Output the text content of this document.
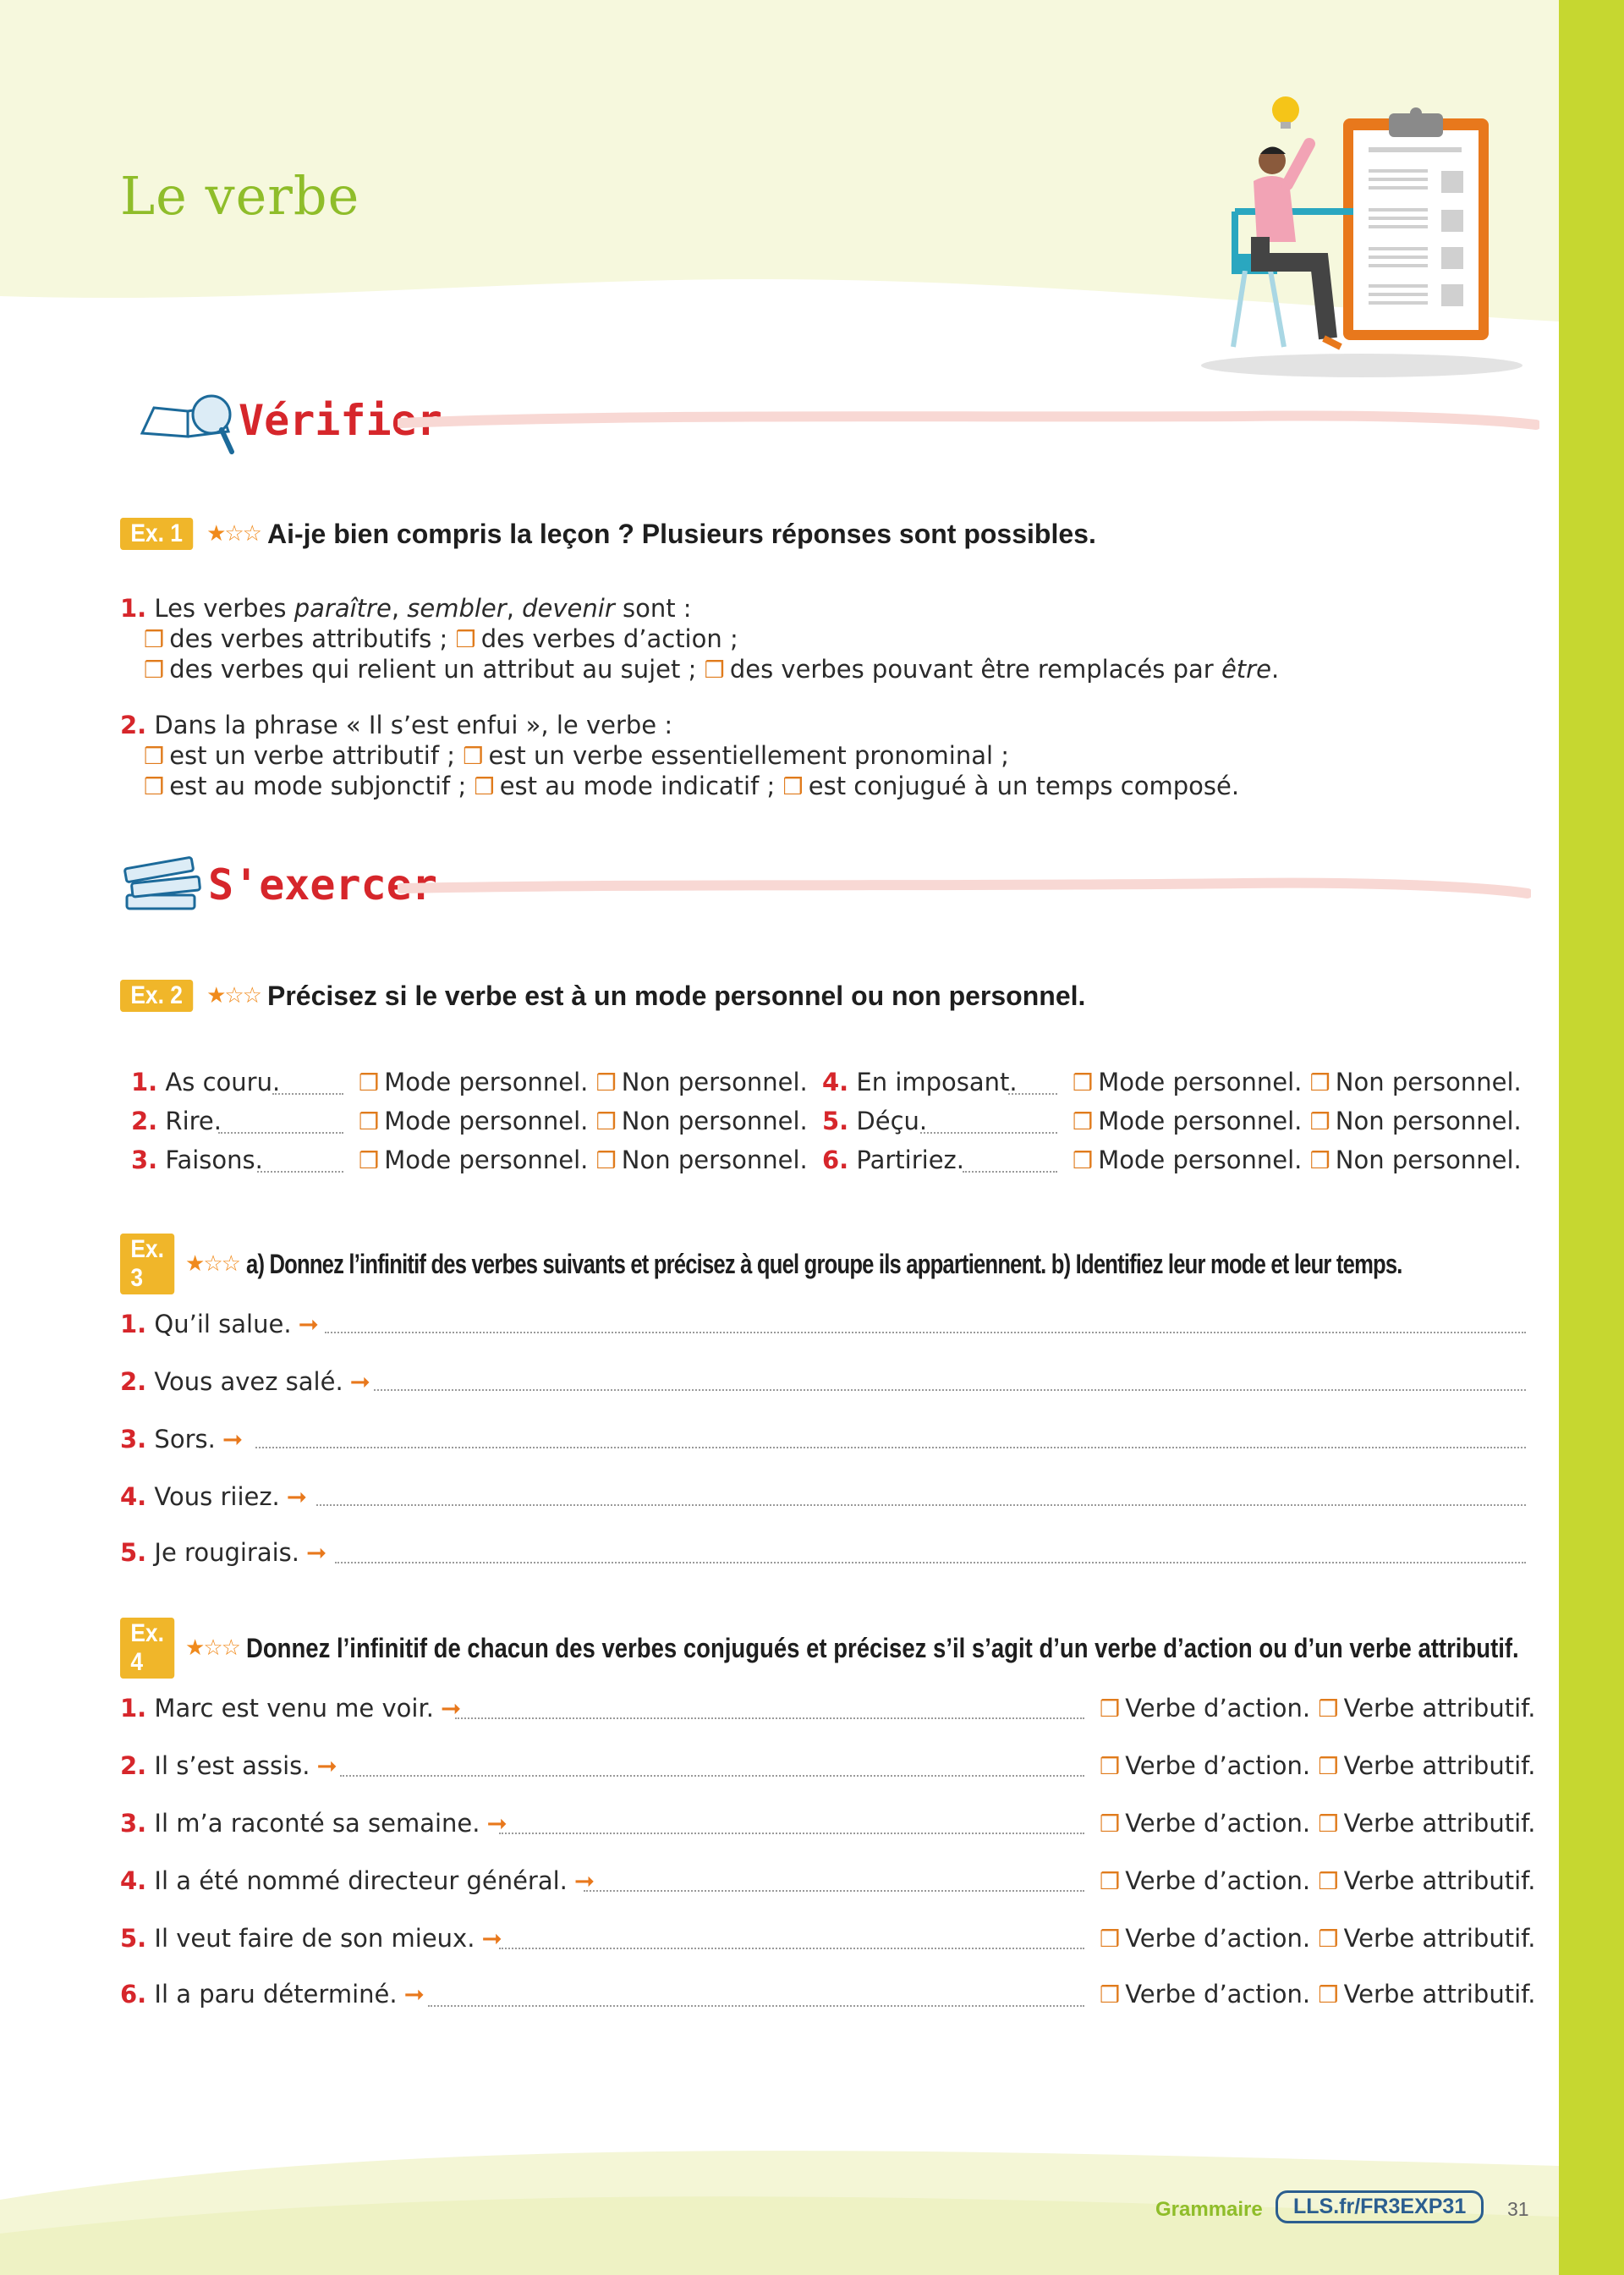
Le verbe
Vérifier
Ex. 1	★☆☆ Ai-je bien compris la leçon ? Plusieurs réponses sont possibles.
1. Les verbes paraître, sembler, devenir sont :
❒ des verbes attributifs ; ❒ des verbes d’action ;
❒ des verbes qui relient un attribut au sujet ; ❒ des verbes pouvant être remplacés par être.
2. Dans la phrase « Il s’est enfui », le verbe :
❒ est un verbe attributif ; ❒ est un verbe essentiellement pronominal ;
❒ est au mode subjonctif ; ❒ est au mode indicatif ; ❒ est conjugué à un temps composé.
S'exercer
Ex. 2	★☆☆ Précisez si le verbe est à un mode personnel ou non personnel.
1. As couru.	❒ Mode personnel. ❒ Non personnel.
2. Rire.	❒ Mode personnel. ❒ Non personnel.
3. Faisons.	❒ Mode personnel. ❒ Non personnel.
4. En imposant. ❒ Mode personnel. ❒ Non personnel.
5. Déçu.	❒ Mode personnel. ❒ Non personnel.
6. Partiriez.	❒ Mode personnel. ❒ Non personnel.
Ex. 3	★☆☆ a) Donnez l’infinitif des verbes suivants et précisez à quel groupe ils appartiennent. b) Identifiez leur mode et leur temps.
1. Qu’il salue. ➞
2. Vous avez salé. ➞
3. Sors. ➞
4. Vous riiez. ➞
5. Je rougirais. ➞
Ex. 4	★☆☆ Donnez l’infinitif de chacun des verbes conjugués et précisez s’il s’agit d’un verbe d’action ou d’un verbe attributif.
1. Marc est venu me voir. ➞	❒ Verbe d’action. ❒ Verbe attributif.
2. Il s’est assis. ➞	❒ Verbe d’action. ❒ Verbe attributif.
3. Il m’a raconté sa semaine. ➞	❒ Verbe d’action. ❒ Verbe attributif.
4. Il a été nommé directeur général. ➞	❒ Verbe d’action. ❒ Verbe attributif.
5. Il veut faire de son mieux. ➞	❒ Verbe d’action. ❒ Verbe attributif.
6. Il a paru déterminé. ➞	❒ Verbe d’action. ❒ Verbe attributif.
Grammaire	LLS.fr/FR3EXP31	31
